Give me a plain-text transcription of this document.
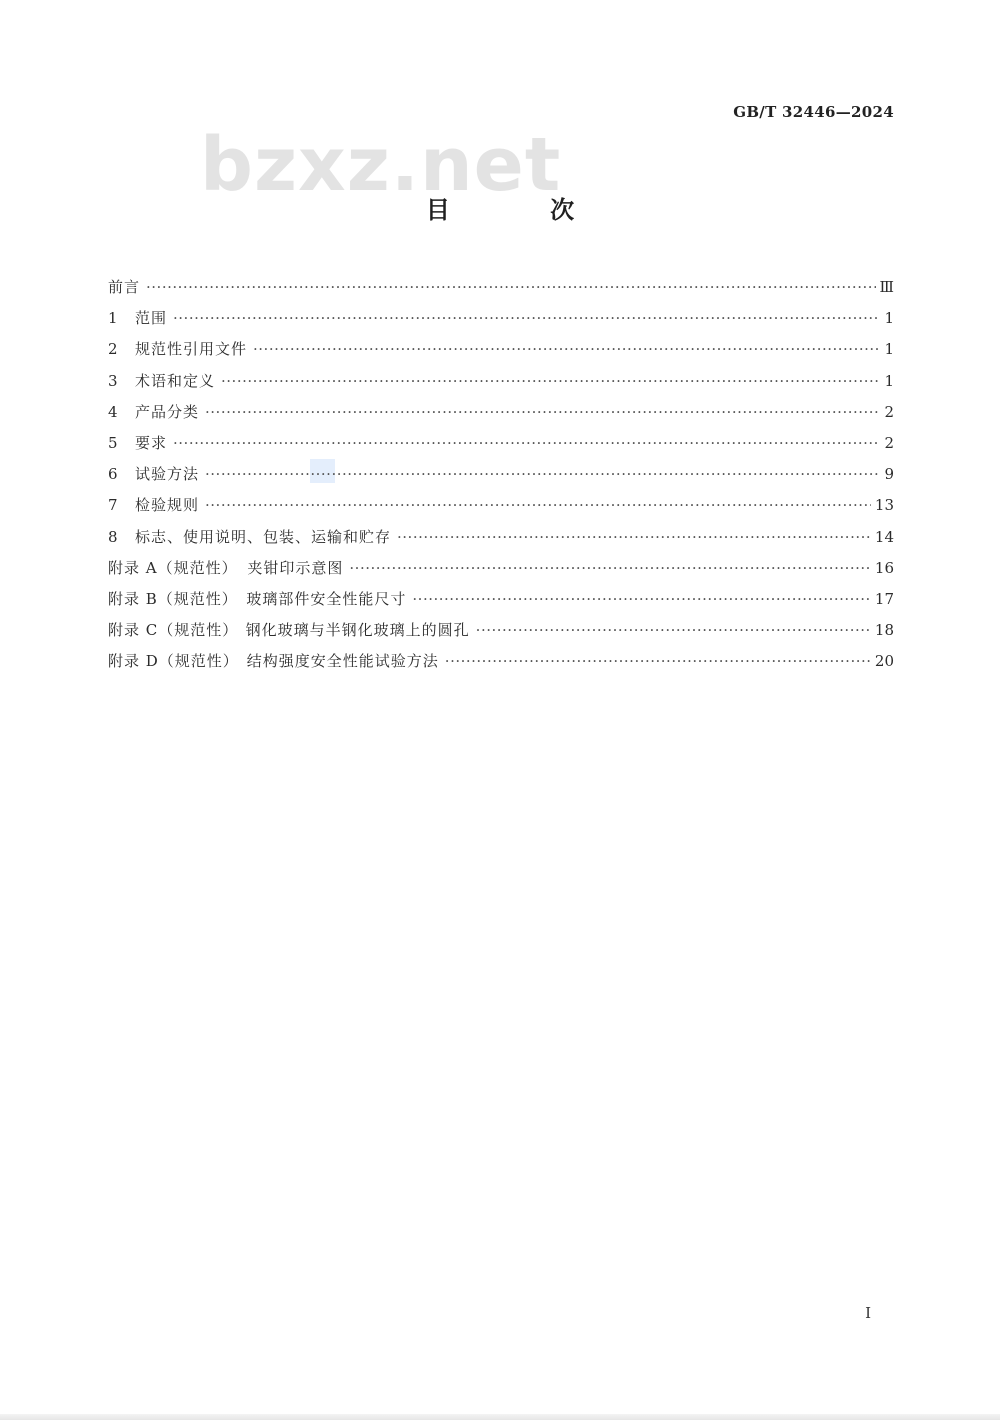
GB/T 32446—2024
bzxz.net
目 次
前言 ·····	Ⅲ
1	范围 ·····	1
2	规范性引用文件 ·····	1
3	术语和定义 ·····	1
4	产品分类 ·····	2
5	要求 ·····	2
6	试验方法 ·····	9
7	检验规则 ·····	13
8	标志、使用说明、包装、运输和贮存 ·····	14
附录 A（规范性） 夹钳印示意图 ·····	16
附录 B（规范性） 玻璃部件安全性能尺寸 ·····	17
附录 C（规范性） 钢化玻璃与半钢化玻璃上的圆孔 ·····	18
附录 D（规范性） 结构强度安全性能试验方法 ·····	20
I
